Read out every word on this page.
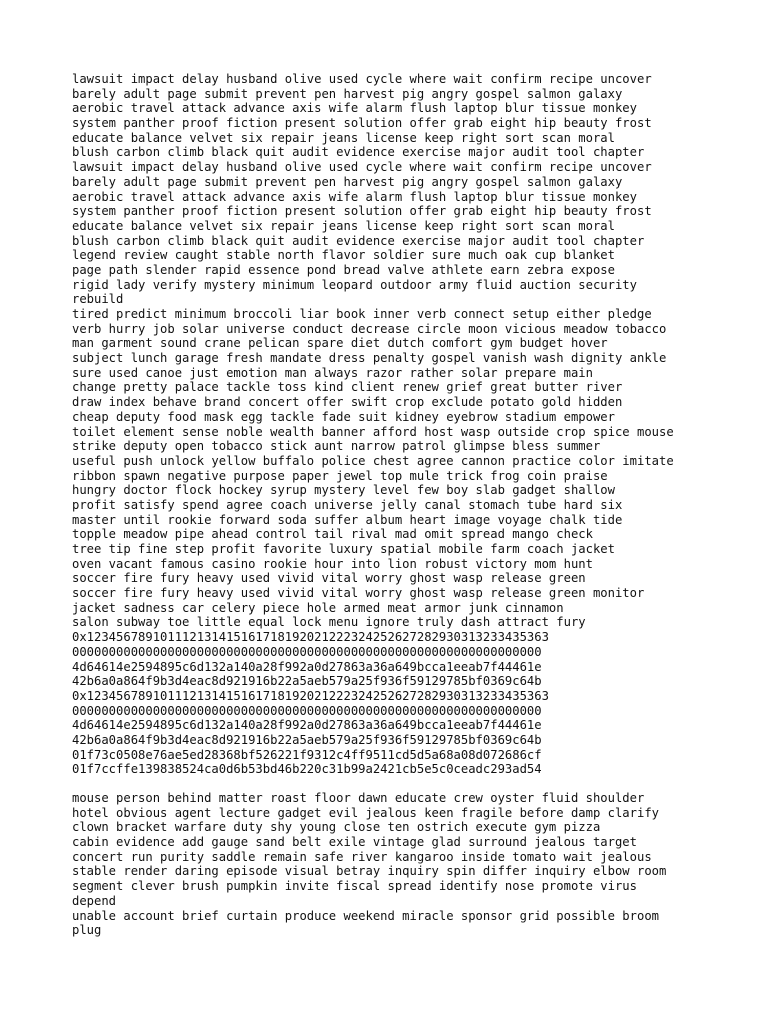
lawsuit impact delay husband olive used cycle where wait confirm recipe uncover
barely adult page submit prevent pen harvest pig angry gospel salmon galaxy
aerobic travel attack advance axis wife alarm flush laptop blur tissue monkey
system panther proof fiction present solution offer grab eight hip beauty frost
educate balance velvet six repair jeans license keep right sort scan moral
blush carbon climb black quit audit evidence exercise major audit tool chapter
lawsuit impact delay husband olive used cycle where wait confirm recipe uncover
barely adult page submit prevent pen harvest pig angry gospel salmon galaxy
aerobic travel attack advance axis wife alarm flush laptop blur tissue monkey
system panther proof fiction present solution offer grab eight hip beauty frost
educate balance velvet six repair jeans license keep right sort scan moral
blush carbon climb black quit audit evidence exercise major audit tool chapter
legend review caught stable north flavor soldier sure much oak cup blanket
page path slender rapid essence pond bread valve athlete earn zebra expose
rigid lady verify mystery minimum leopard outdoor army fluid auction security
rebuild
tired predict minimum broccoli liar book inner verb connect setup either pledge
verb hurry job solar universe conduct decrease circle moon vicious meadow tobacco
man garment sound crane pelican spare diet dutch comfort gym budget hover
subject lunch garage fresh mandate dress penalty gospel vanish wash dignity ankle
sure used canoe just emotion man always razor rather solar prepare main
change pretty palace tackle toss kind client renew grief great butter river
draw index behave brand concert offer swift crop exclude potato gold hidden
cheap deputy food mask egg tackle fade suit kidney eyebrow stadium empower
toilet element sense noble wealth banner afford host wasp outside crop spice mouse
strike deputy open tobacco stick aunt narrow patrol glimpse bless summer
useful push unlock yellow buffalo police chest agree cannon practice color imitate
ribbon spawn negative purpose paper jewel top mule trick frog coin praise
hungry doctor flock hockey syrup mystery level few boy slab gadget shallow
profit satisfy spend agree coach universe jelly canal stomach tube hard six
master until rookie forward soda suffer album heart image voyage chalk tide
topple meadow pipe ahead control tail rival mad omit spread mango check
tree tip fine step profit favorite luxury spatial mobile farm coach jacket
oven vacant famous casino rookie hour into lion robust victory mom hunt
soccer fire fury heavy used vivid vital worry ghost wasp release green
soccer fire fury heavy used vivid vital worry ghost wasp release green monitor
jacket sadness car celery piece hole armed meat armor junk cinnamon
salon subway toe little equal lock menu ignore truly dash attract fury
0x123456789101112131415161718192021222324252627282930313233435363
0000000000000000000000000000000000000000000000000000000000000000
4d64614e2594895c6d132a140a28f992a0d27863a36a649bcca1eeab7f44461e
42b6a0a864f9b3d4eac8d921916b22a5aeb579a25f936f59129785bf0369c64b
0x123456789101112131415161718192021222324252627282930313233435363
0000000000000000000000000000000000000000000000000000000000000000
4d64614e2594895c6d132a140a28f992a0d27863a36a649bcca1eeab7f44461e
42b6a0a864f9b3d4eac8d921916b22a5aeb579a25f936f59129785bf0369c64b
01f73c0508e76ae5ed28368bf526221f9312c4ff9511cd5d5a68a08d072686cf
01f7ccffe139838524ca0d6b53bd46b220c31b99a2421cb5e5c0ceadc293ad54
mouse person behind matter roast floor dawn educate crew oyster fluid shoulder
hotel obvious agent lecture gadget evil jealous keen fragile before damp clarify
clown bracket warfare duty shy young close ten ostrich execute gym pizza
cabin evidence add gauge sand belt exile vintage glad surround jealous target
concert run purity saddle remain safe river kangaroo inside tomato wait jealous
stable render daring episode visual betray inquiry spin differ inquiry elbow room
segment clever brush pumpkin invite fiscal spread identify nose promote virus
depend
unable account brief curtain produce weekend miracle sponsor grid possible broom
plug
